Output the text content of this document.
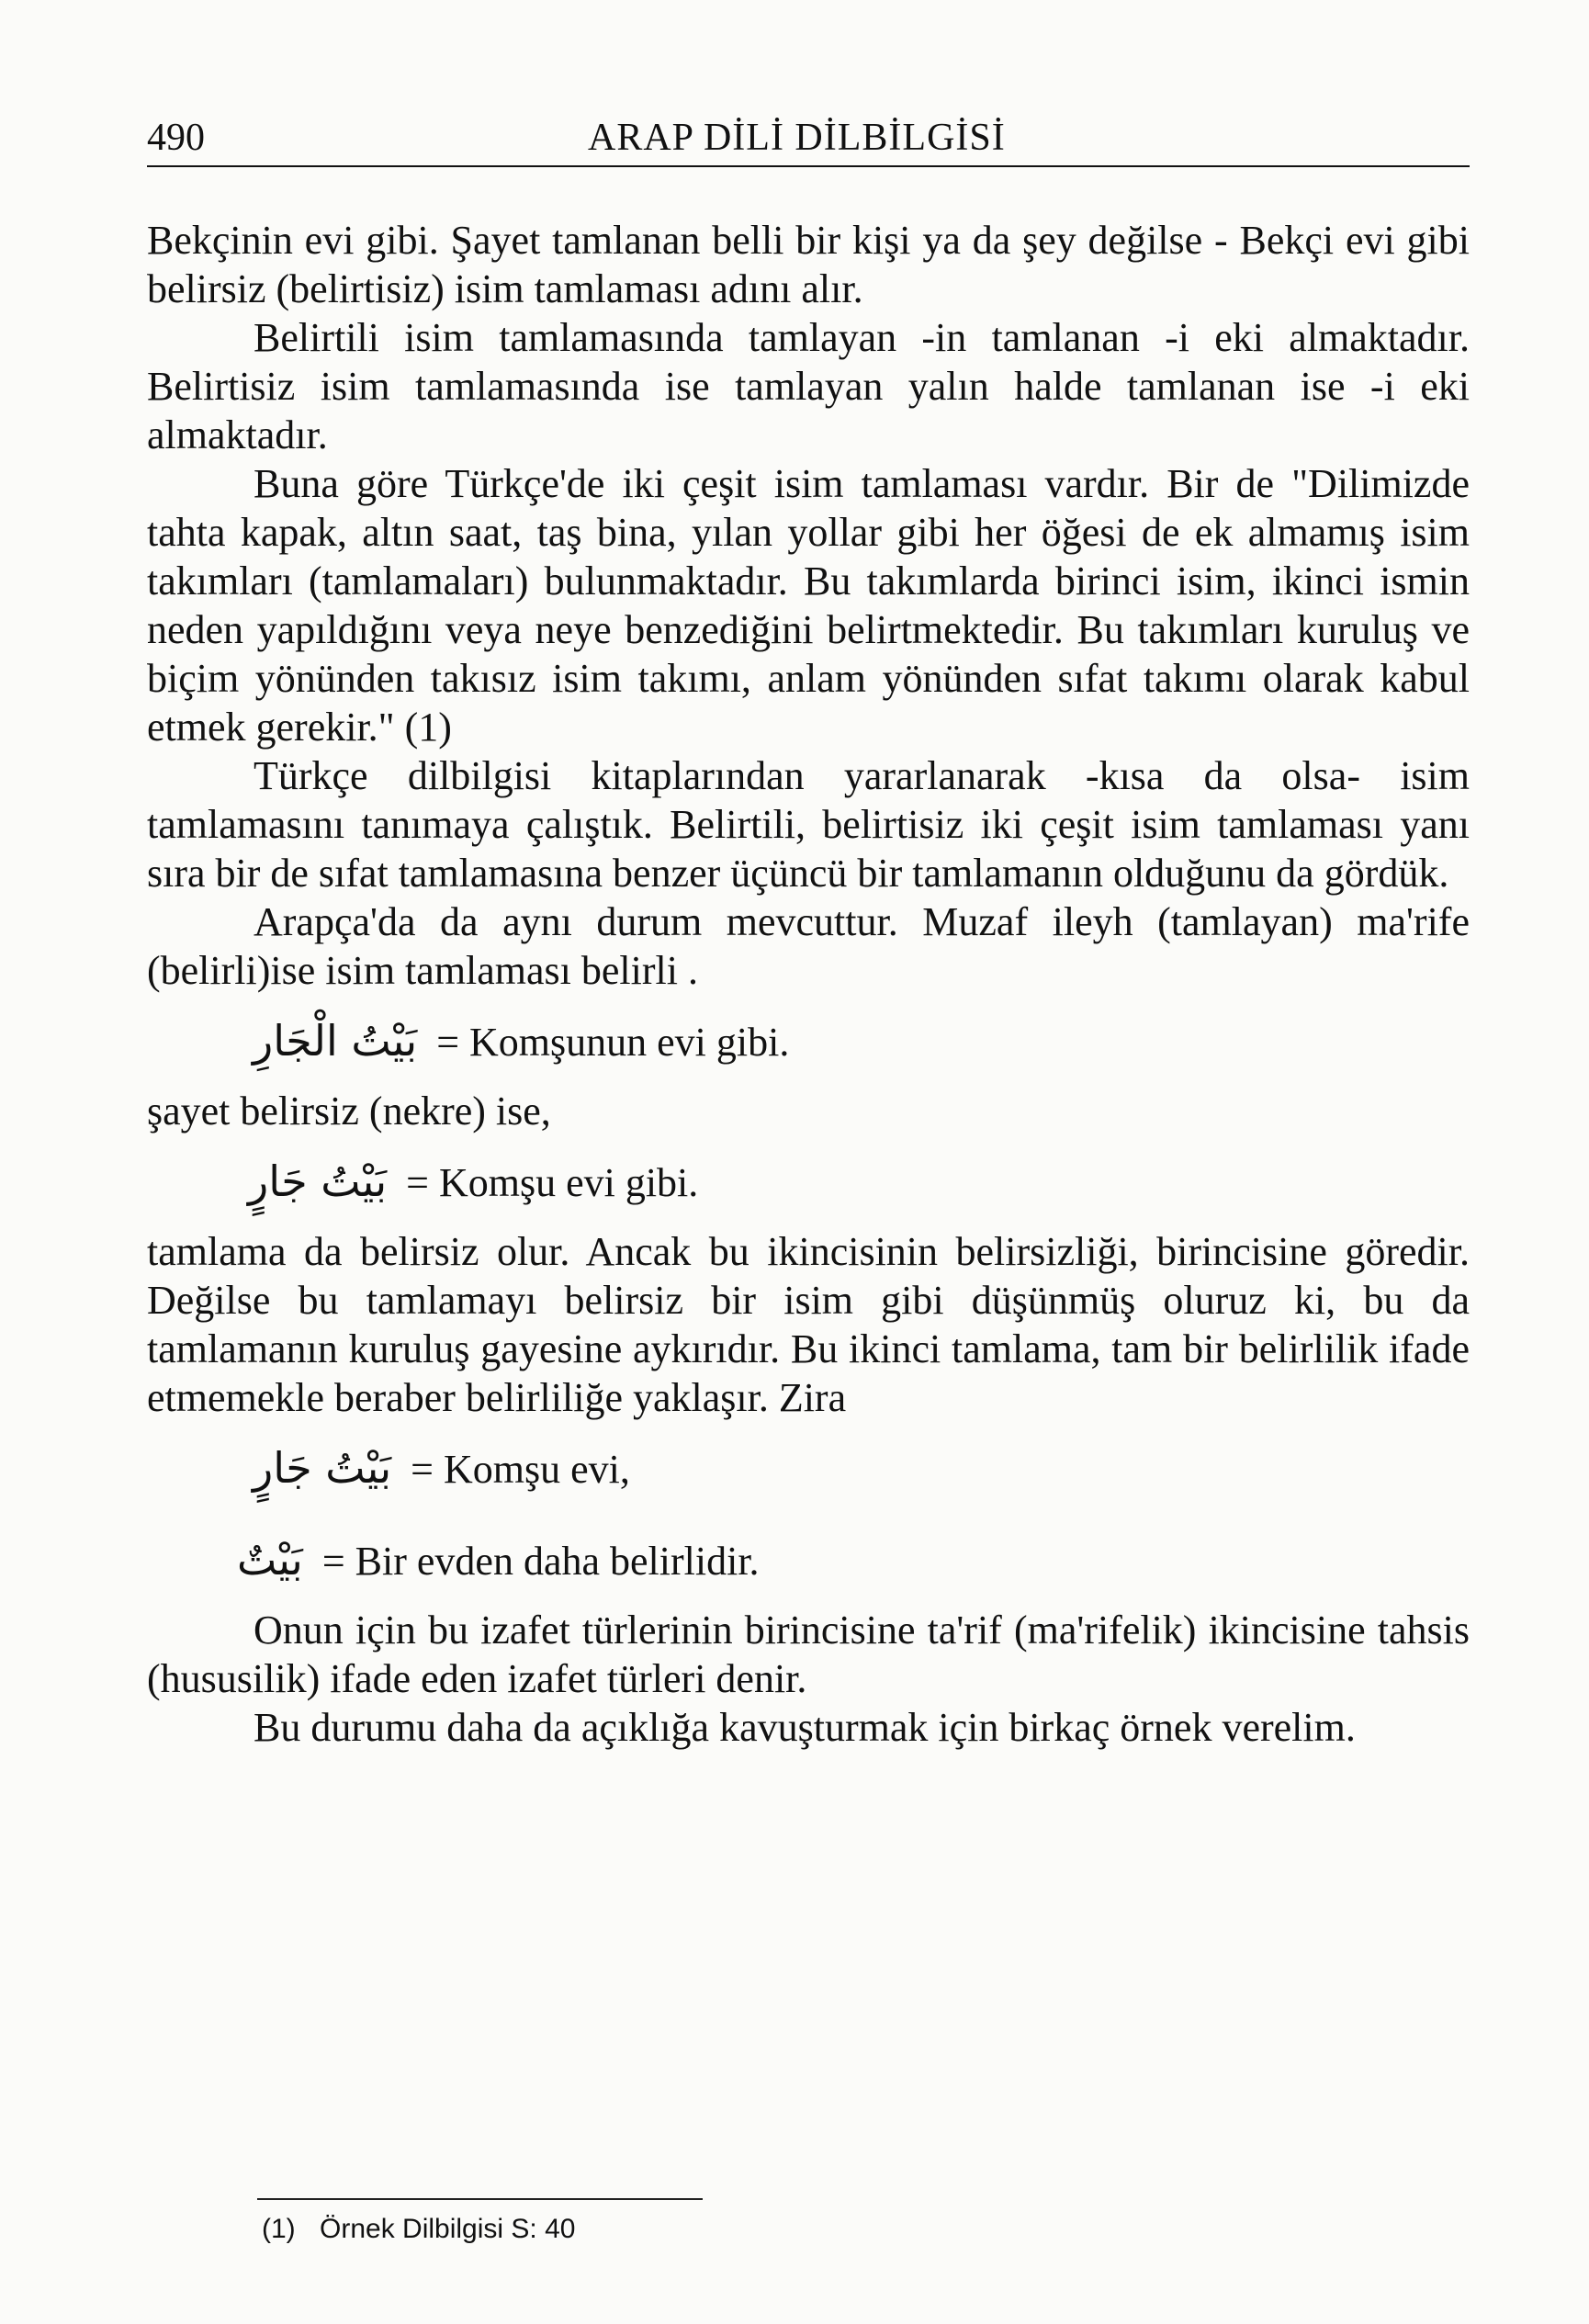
490	ARAP DİLİ DİLBİLGİSİ

Bekçinin evi gibi. Şayet tamlanan belli bir kişi ya da şey değilse - Bekçi evi gibi belirsiz (belirtisiz) isim tamlaması adını alır.

Belirtili isim tamlamasında tamlayan -in tamlanan -i eki almaktadır. Belirtisiz isim tamlamasında ise tamlayan yalın halde tamlanan ise -i eki almaktadır.

Buna göre Türkçe'de iki çeşit isim tamlaması vardır. Bir de "Dilimizde tahta kapak, altın saat, taş bina, yılan yollar gibi her öğesi de ek almamış isim takımları (tamlamaları) bulunmaktadır. Bu takımlarda birinci isim, ikinci ismin neden yapıldığını veya neye benzediğini belirtmektedir. Bu takımları kuruluş ve biçim yönünden takısız isim takımı, anlam yönünden sıfat takımı olarak kabul etmek gerekir." (1)

Türkçe dilbilgisi kitaplarından yararlanarak -kısa da olsa- isim tamlamasını tanımaya çalıştık. Belirtili, belirtisiz iki çeşit isim tamlaması yanı sıra bir de sıfat tamlamasına benzer üçüncü bir tamlamanın olduğunu da gördük.

Arapça'da da aynı durum mevcuttur. Muzaf ileyh (tamlayan) ma'rife (belirli)ise isim tamlaması belirli .

بَيْتُ الْجَارِ = Komşunun evi gibi.

şayet belirsiz (nekre) ise,

بَيْتُ جَارٍ = Komşu evi gibi.

tamlama da belirsiz olur. Ancak bu ikincisinin belirsizliği, birincisine göredir. Değilse bu tamlamayı belirsiz bir isim gibi düşünmüş oluruz ki, bu da tamlamanın kuruluş gayesine aykırıdır. Bu ikinci tamlama, tam bir belirlilik ifade etmemekle beraber belirliliğe yaklaşır. Zira

بَيْتُ جَارٍ = Komşu evi,
بَيْتٌ = Bir evden daha belirlidir.

Onun için bu izafet türlerinin birincisine ta'rif (ma'rifelik) ikincisine tahsis (hususilik) ifade eden izafet türleri denir.

Bu durumu daha da açıklığa kavuşturmak için birkaç örnek verelim.

(1) Örnek Dilbilgisi S: 40
